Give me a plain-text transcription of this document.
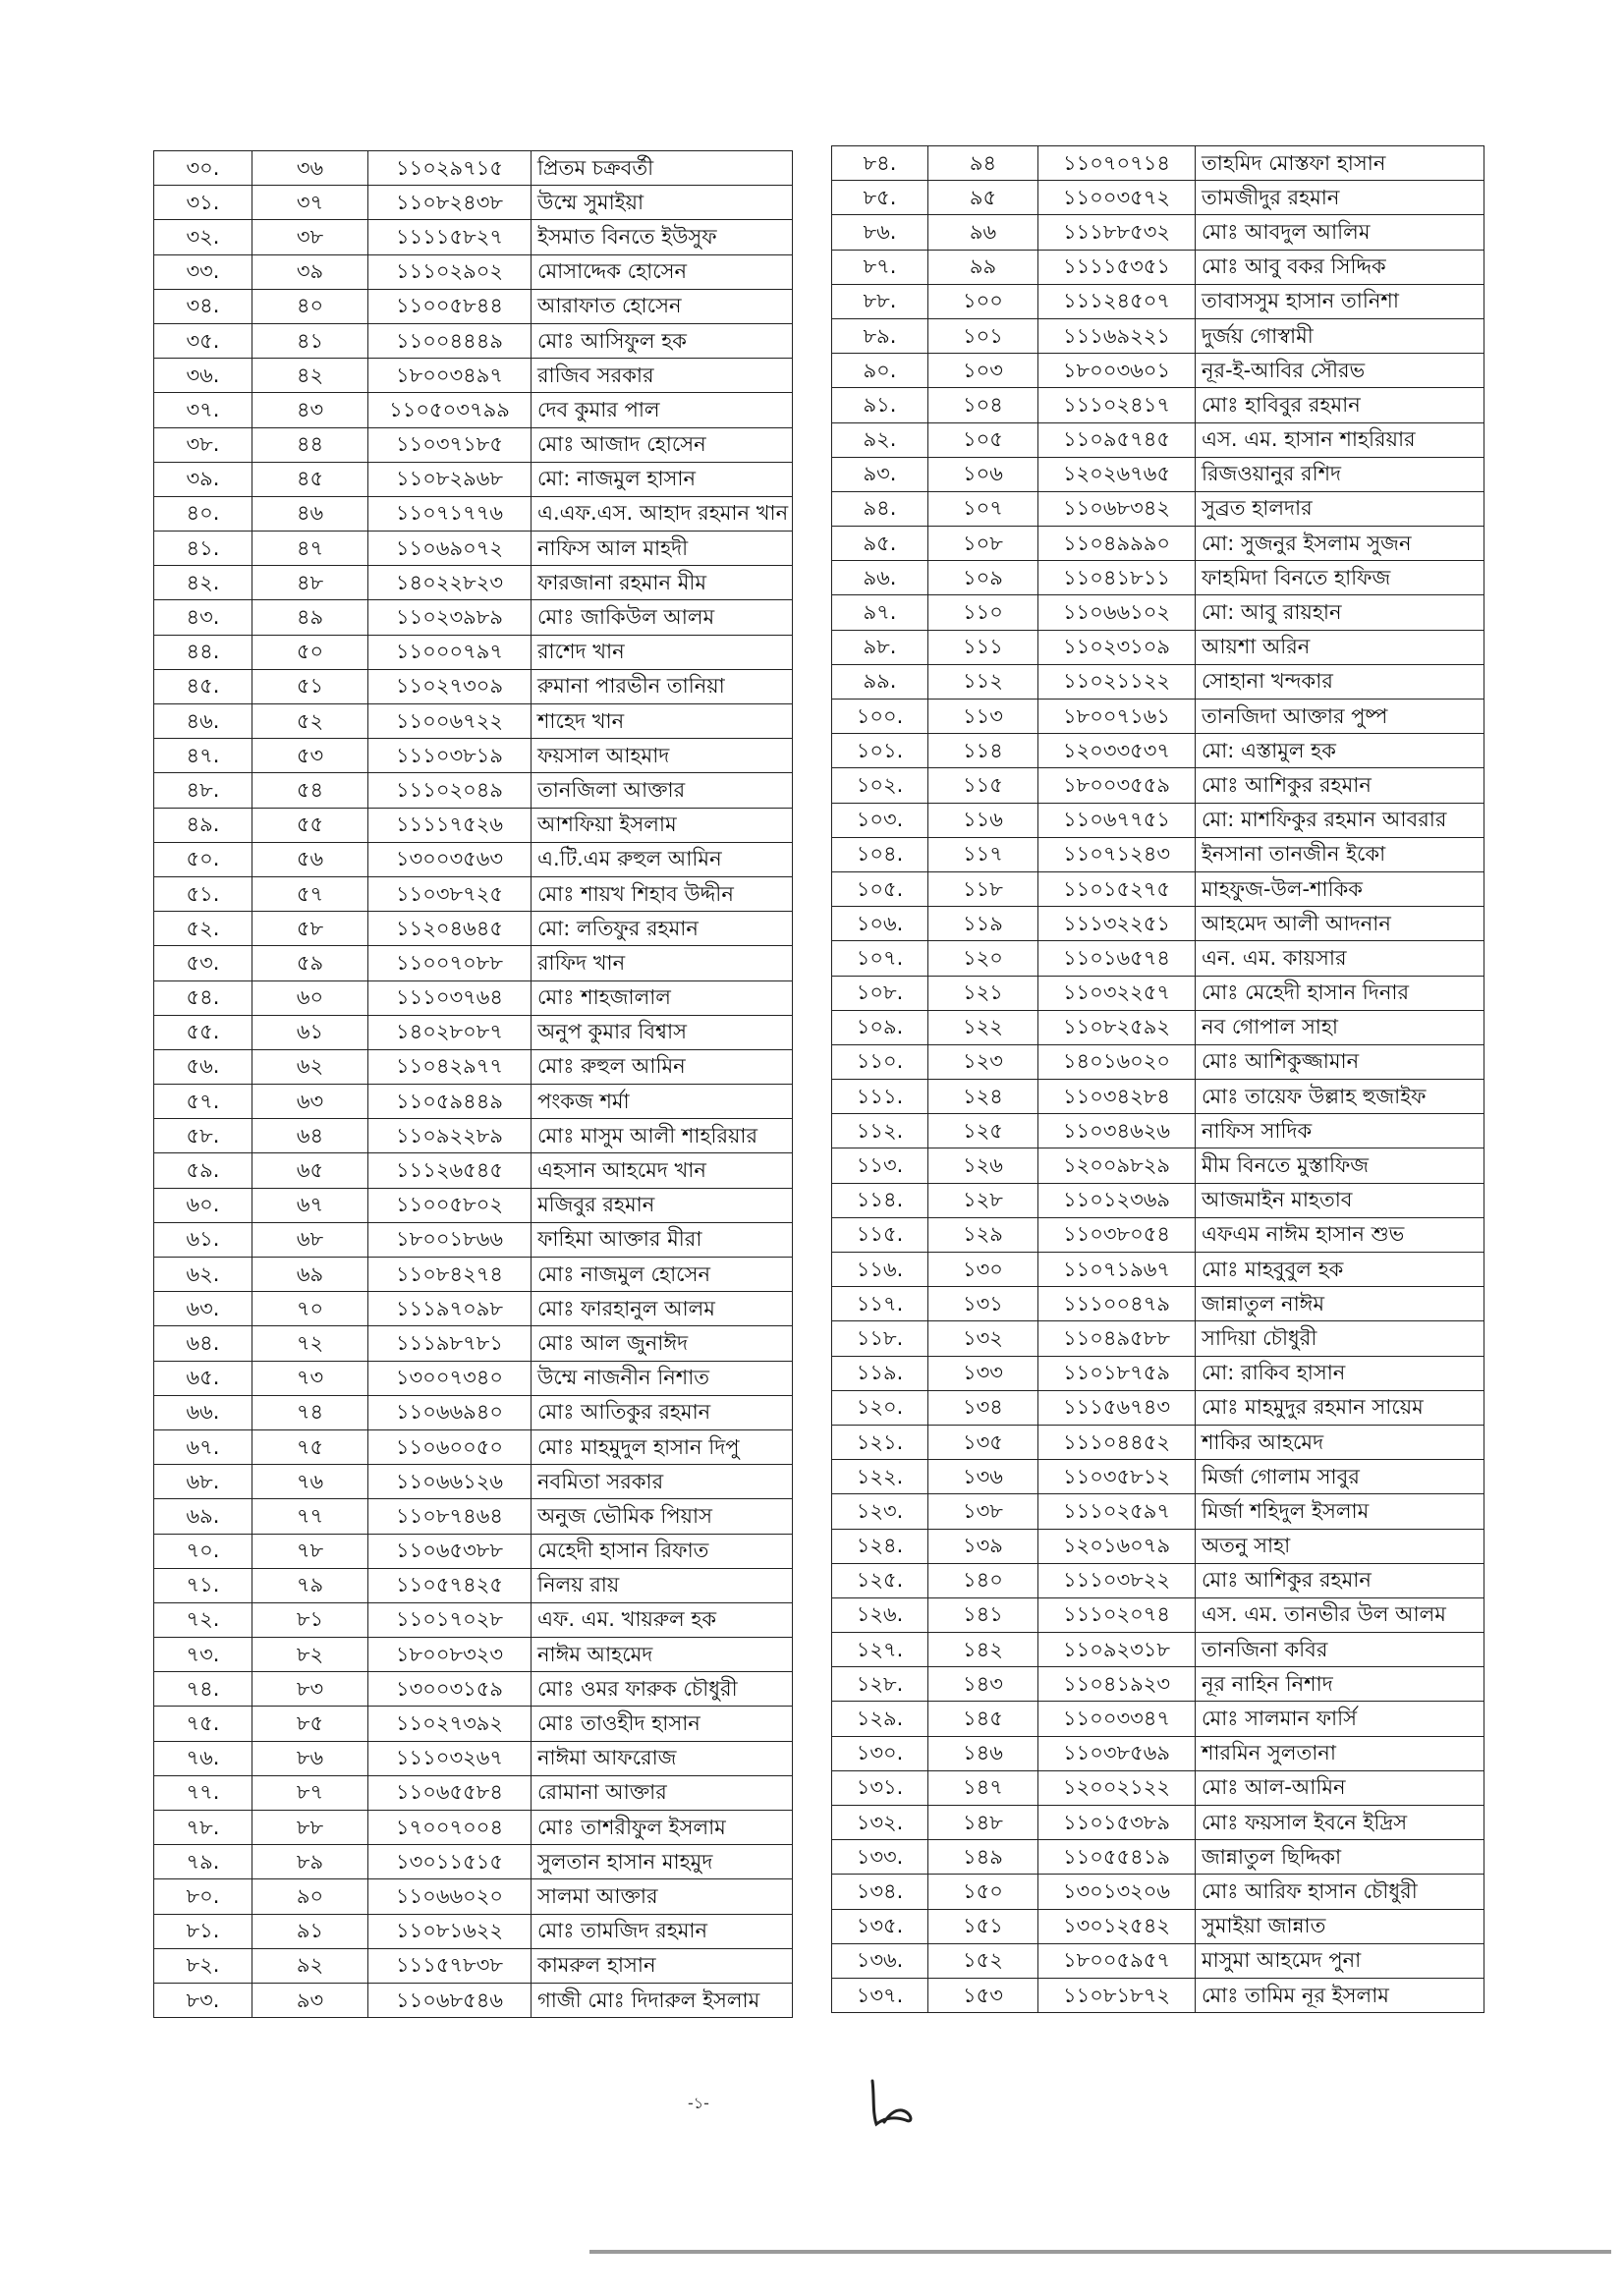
৩০.	৩৬	১১০২৯৭১৫	প্রিতম চক্রবর্তী
৩১.	৩৭	১১০৮২৪৩৮	উম্মে সুমাইয়া
৩২.	৩৮	১১১১৫৮২৭	ইসমাত বিনতে ইউসুফ
৩৩.	৩৯	১১১০২৯০২	মোসাদ্দেক হোসেন
৩৪.	৪০	১১০০৫৮৪৪	আরাফাত হোসেন
৩৫.	৪১	১১০০৪৪৪৯	মোঃ আসিফুল হক
৩৬.	৪২	১৮০০৩৪৯৭	রাজিব সরকার
৩৭.	৪৩	১১০৫০৩৭৯৯	দেব কুমার পাল
৩৮.	৪৪	১১০৩৭১৮৫	মোঃ আজাদ হোসেন
৩৯.	৪৫	১১০৮২৯৬৮	মো: নাজমুল হাসান
৪০.	৪৬	১১০৭১৭৭৬	এ.এফ.এস. আহাদ রহমান খান
৪১.	৪৭	১১০৬৯০৭২	নাফিস আল মাহদী
৪২.	৪৮	১৪০২২৮২৩	ফারজানা রহমান মীম
৪৩.	৪৯	১১০২৩৯৮৯	মোঃ জাকিউল আলম
৪৪.	৫০	১১০০০৭৯৭	রাশেদ খান
৪৫.	৫১	১১০২৭৩০৯	রুমানা পারভীন তানিয়া
৪৬.	৫২	১১০০৬৭২২	শাহেদ খান
৪৭.	৫৩	১১১০৩৮১৯	ফয়সাল আহমাদ
৪৮.	৫৪	১১১০২০৪৯	তানজিলা আক্তার
৪৯.	৫৫	১১১১৭৫২৬	আশফিয়া ইসলাম
৫০.	৫৬	১৩০০৩৫৬৩	এ.টি.এম রুহুল আমিন
৫১.	৫৭	১১০৩৮৭২৫	মোঃ শায়খ শিহাব উদ্দীন
৫২.	৫৮	১১২০৪৬৪৫	মো: লতিফুর রহমান
৫৩.	৫৯	১১০০৭০৮৮	রাফিদ খান
৫৪.	৬০	১১১০৩৭৬৪	মোঃ শাহজালাল
৫৫.	৬১	১৪০২৮০৮৭	অনুপ কুমার বিশ্বাস
৫৬.	৬২	১১০৪২৯৭৭	মোঃ রুহুল আমিন
৫৭.	৬৩	১১০৫৯৪৪৯	পংকজ শর্মা
৫৮.	৬৪	১১০৯২২৮৯	মোঃ মাসুম আলী শাহরিয়ার
৫৯.	৬৫	১১১২৬৫৪৫	এহসান আহমেদ খান
৬০.	৬৭	১১০০৫৮০২	মজিবুর রহমান
৬১.	৬৮	১৮০০১৮৬৬	ফাহিমা আক্তার মীরা
৬২.	৬৯	১১০৮৪২৭৪	মোঃ নাজমুল হোসেন
৬৩.	৭০	১১১৯৭০৯৮	মোঃ ফারহানুল আলম
৬৪.	৭২	১১১৯৮৭৮১	মোঃ আল জুনাঈদ
৬৫.	৭৩	১৩০০৭৩৪০	উম্মে নাজনীন নিশাত
৬৬.	৭৪	১১০৬৬৯৪০	মোঃ আতিকুর রহমান
৬৭.	৭৫	১১০৬০০৫০	মোঃ মাহমুদুল হাসান দিপু
৬৮.	৭৬	১১০৬৬১২৬	নবমিতা সরকার
৬৯.	৭৭	১১০৮৭৪৬৪	অনুজ ভৌমিক পিয়াস
৭০.	৭৮	১১০৬৫৩৮৮	মেহেদী হাসান রিফাত
৭১.	৭৯	১১০৫৭৪২৫	নিলয় রায়
৭২.	৮১	১১০১৭০২৮	এফ. এম. খায়রুল হক
৭৩.	৮২	১৮০০৮৩২৩	নাঈম আহমেদ
৭৪.	৮৩	১৩০০৩১৫৯	মোঃ ওমর ফারুক চৌধুরী
৭৫.	৮৫	১১০২৭৩৯২	মোঃ তাওহীদ হাসান
৭৬.	৮৬	১১১০৩২৬৭	নাঈমা আফরোজ
৭৭.	৮৭	১১০৬৫৫৮৪	রোমানা আক্তার
৭৮.	৮৮	১৭০০৭০০৪	মোঃ তাশরীফুল ইসলাম
৭৯.	৮৯	১৩০১১৫১৫	সুলতান হাসান মাহমুদ
৮০.	৯০	১১০৬৬০২০	সালমা আক্তার
৮১.	৯১	১১০৮১৬২২	মোঃ তামজিদ রহমান
৮২.	৯২	১১১৫৭৮৩৮	কামরুল হাসান
৮৩.	৯৩	১১০৬৮৫৪৬	গাজী মোঃ দিদারুল ইসলাম
৮৪.	৯৪	১১০৭০৭১৪	তাহমিদ মোস্তফা হাসান
৮৫.	৯৫	১১০০৩৫৭২	তামজীদুর রহমান
৮৬.	৯৬	১১১৮৮৫৩২	মোঃ আবদুল আলিম
৮৭.	৯৯	১১১১৫৩৫১	মোঃ আবু বকর সিদ্দিক
৮৮.	১০০	১১১২৪৫০৭	তাবাসসুম হাসান তানিশা
৮৯.	১০১	১১১৬৯২২১	দুর্জয় গোস্বামী
৯০.	১০৩	১৮০০৩৬০১	নূর-ই-আবির সৌরভ
৯১.	১০৪	১১১০২৪১৭	মোঃ হাবিবুর রহমান
৯২.	১০৫	১১০৯৫৭৪৫	এস. এম. হাসান শাহরিয়ার
৯৩.	১০৬	১২০২৬৭৬৫	রিজওয়ানুর রশিদ
৯৪.	১০৭	১১০৬৮৩৪২	সুব্রত হালদার
৯৫.	১০৮	১১০৪৯৯৯০	মো: সুজনুর ইসলাম সুজন
৯৬.	১০৯	১১০৪১৮১১	ফাহমিদা বিনতে হাফিজ
৯৭.	১১০	১১০৬৬১০২	মো: আবু রায়হান
৯৮.	১১১	১১০২৩১০৯	আয়শা অরিন
৯৯.	১১২	১১০২১১২২	সোহানা খন্দকার
১০০.	১১৩	১৮০০৭১৬১	তানজিদা আক্তার পুষ্প
১০১.	১১৪	১২০৩৩৫৩৭	মো: এস্তামুল হক
১০২.	১১৫	১৮০০৩৫৫৯	মোঃ আশিকুর রহমান
১০৩.	১১৬	১১০৬৭৭৫১	মো: মাশফিকুর রহমান আবরার
১০৪.	১১৭	১১০৭১২৪৩	ইনসানা তানজীন ইকো
১০৫.	১১৮	১১০১৫২৭৫	মাহফুজ-উল-শাকিক
১০৬.	১১৯	১১১৩২২৫১	আহমেদ আলী আদনান
১০৭.	১২০	১১০১৬৫৭৪	এন. এম. কায়সার
১০৮.	১২১	১১০৩২২৫৭	মোঃ মেহেদী হাসান দিনার
১০৯.	১২২	১১০৮২৫৯২	নব গোপাল সাহা
১১০.	১২৩	১৪০১৬০২০	মোঃ আশিকুজ্জামান
১১১.	১২৪	১১০৩৪২৮৪	মোঃ তায়েফ উল্লাহ হুজাইফ
১১২.	১২৫	১১০৩৪৬২৬	নাফিস সাদিক
১১৩.	১২৬	১২০০৯৮২৯	মীম বিনতে মুস্তাফিজ
১১৪.	১২৮	১১০১২৩৬৯	আজমাইন মাহতাব
১১৫.	১২৯	১১০৩৮০৫৪	এফএম নাঈম হাসান শুভ
১১৬.	১৩০	১১০৭১৯৬৭	মোঃ মাহবুবুল হক
১১৭.	১৩১	১১১০০৪৭৯	জান্নাতুল নাঈম
১১৮.	১৩২	১১০৪৯৫৮৮	সাদিয়া চৌধুরী
১১৯.	১৩৩	১১০১৮৭৫৯	মো: রাকিব হাসান
১২০.	১৩৪	১১১৫৬৭৪৩	মোঃ মাহমুদুর রহমান সায়েম
১২১.	১৩৫	১১১০৪৪৫২	শাকির আহমেদ
১২২.	১৩৬	১১০৩৫৮১২	মির্জা গোলাম সাবুর
১২৩.	১৩৮	১১১০২৫৯৭	মির্জা শহিদুল ইসলাম
১২৪.	১৩৯	১২০১৬০৭৯	অতনু সাহা
১২৫.	১৪০	১১১০৩৮২২	মোঃ আশিকুর রহমান
১২৬.	১৪১	১১১০২০৭৪	এস. এম. তানভীর উল আলম
১২৭.	১৪২	১১০৯২৩১৮	তানজিনা কবির
১২৮.	১৪৩	১১০৪১৯২৩	নূর নাহিন নিশাদ
১২৯.	১৪৫	১১০০৩৩৪৭	মোঃ সালমান ফার্সি
১৩০.	১৪৬	১১০৩৮৫৬৯	শারমিন সুলতানা
১৩১.	১৪৭	১২০০২১২২	মোঃ আল-আমিন
১৩২.	১৪৮	১১০১৫৩৮৯	মোঃ ফয়সাল ইবনে ইদ্রিস
১৩৩.	১৪৯	১১০৫৫৪১৯	জান্নাতুল ছিদ্দিকা
১৩৪.	১৫০	১৩০১৩২০৬	মোঃ আরিফ হাসান চৌধুরী
১৩৫.	১৫১	১৩০১২৫৪২	সুমাইয়া জান্নাত
১৩৬.	১৫২	১৮০০৫৯৫৭	মাসুমা আহমেদ পুনা
১৩৭.	১৫৩	১১০৮১৮৭২	মোঃ তামিম নূর ইসলাম
-১-
